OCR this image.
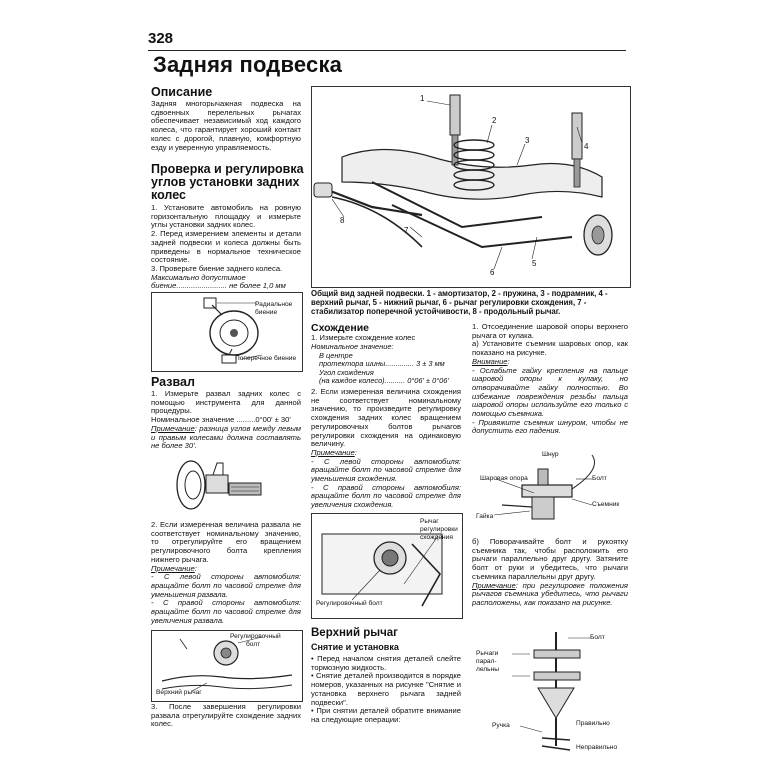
328
Задняя подвеска
Описание
Задняя многорычажная подвеска на сдвоенных перелельных рычагах обеспечивает независимый ход каждого колеса, что гарантирует хороший контакт колес с дорогой, плавную, комфортную езду и уверенную управляемость.
Проверка и регулировка углов установки задних колес

1. Установите автомобиль на ровную горизонтальную площадку и измерьте углы установки задних колес.

2. Перед измерением элементы и детали задней подвески и колеса должны быть приведены в нормальное техническое состояние.

3. Проверьте биение заднего колеса.

Максимально допустимое

биение........................ не более 1,0 мм

Радиальное
биение
Поперечное биение
Развал

1. Измерьте развал задних колес с помощью инструмента для данной процедуры.

Номинальное значение .........0°00' ± 30'

Примечание: разница углов между левым и правым колесами должна составлять не более 30'.

2. Если измеренная величина развала не соответствует номинальному значению, то отрегулируйте его вращением регулировочного болта крепления нижнего рычага.

Примечание:

- С левой стороны автомобиля: вращайте болт по часовой стрелке для уменьшения развала.

- С правой стороны автомобиля: вращайте болт по часовой стрелке для увеличения развала.

Регулировочный
болт
Верхний рычаг
3. После завершения регулировки развала отрегулируйте схождение задних колес.
1
2
3
4
5
6
7
8
Общий вид задней подвески. 1 - амортизатор, 2 - пружина, 3 - подрамник, 4 - верхний рычаг, 5 - нижний рычаг, 6 - рычаг регулировки схождения, 7 - стабилизатор поперечной устойчивости, 8 - продольный рычаг.
Схождение
1. Измерьте схождение колес
Номинальное значение:
В центре
протектора шины.............. 3 ± 3 мм
Угол схождения
(на каждое колесо).......... 0°06' ± 0°06'

2. Если измеренная величина схождения не соответствует номинальному значению, то произведите регулировку схождения задних колес вращением регулировочных болтов рычагов регулировки схождения на одинаковую величину.

Примечание:

- С левой стороны автомобиля: вращайте болт по часовой стрелке для уменьшения схождения.

- С правой стороны автомобиля: вращайте болт по часовой стрелке для увеличения схождения.

Рычаг
регулировки
схождения
Регулировочный болт
Верхний рычаг
Снятие и установка

• Перед началом снятия деталей слейте тормозную жидкость.

• Снятие деталей производится в порядке номеров, указанных на рисунке "Снятие и установка верхнего рычага задней подвески".

• При снятии деталей обратите внимание на следующие операции:

1. Отсоединение шаровой опоры верхнего рычага от кулака.

а) Установите съемник шаровых опор, как показано на рисунке.

Внимание:

- Ослабьте гайку крепления на пальце шаровой опоры к кулаку, но отворачивайте гайку полностью. Во избежание повреждения резьбы пальца шаровой опоры используйте его только с помощью съемника.

- Привяжите съемник шнуром, чтобы не допустить его падения.

Шнур
Шаровая опора	Болт
Съемник
Гайка

б) Поворачивайте болт и рукоятку съемника так, чтобы расположить его рычаги параллельно друг другу. Затяните болт от руки и убедитесь, что рычаги съемника параллельны друг другу.

Примечание: при регулировке положения рычагов съемника убедитесь, что рычаги расположены, как показано на рисунке.

Болт
Рычаги
парал-
лельны
Ручка	Правильно
Неправильно
